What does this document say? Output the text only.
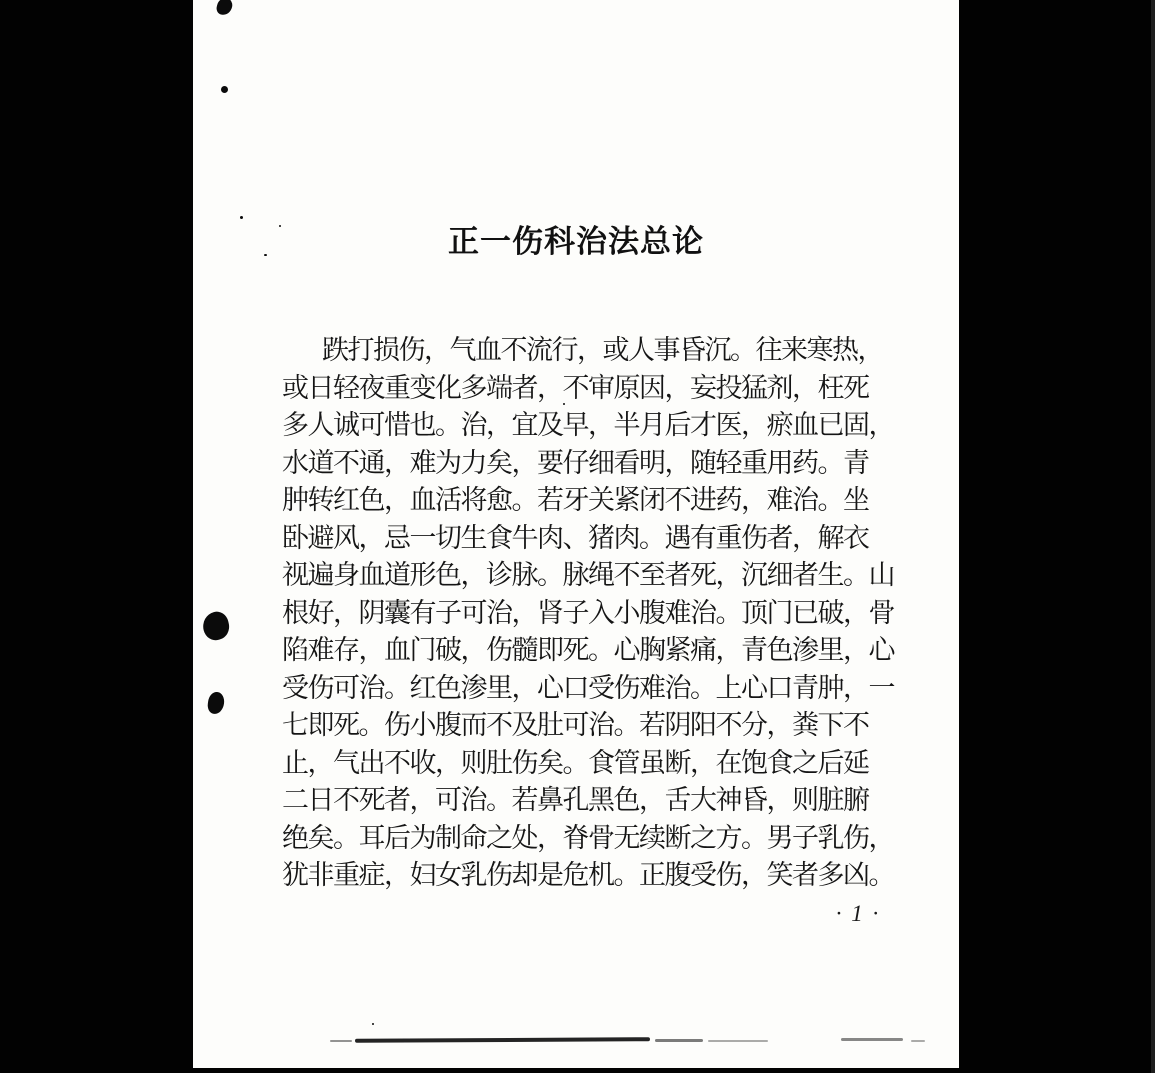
正一伤科治法总论
跌打损伤，气血不流行，或人事昏沉。往来寒热，
或日轻夜重变化多端者，不审原因，妄投猛剂，枉死
多人诚可惜也。治，宜及早，半月后才医，瘀血已固，
水道不通，难为力矣，要仔细看明，随轻重用药。青
肿转红色，血活将愈。若牙关紧闭不进药，难治。坐
卧避风，忌一切生食牛肉、猪肉。遇有重伤者，解衣
视遍身血道形色，诊脉。脉绳不至者死，沉细者生。山
根好，阴囊有子可治，肾子入小腹难治。顶门已破，骨
陷难存，血门破，伤髓即死。心胸紧痛，青色渗里，心
受伤可治。红色渗里，心口受伤难治。上心口青肿，一
七即死。伤小腹而不及肚可治。若阴阳不分，粪下不
止，气出不收，则肚伤矣。食管虽断，在饱食之后延
二日不死者，可治。若鼻孔黑色，舌大神昏，则脏腑
绝矣。耳后为制命之处，脊骨无续断之方。男子乳伤，
犹非重症，妇女乳伤却是危机。正腹受伤，笑者多凶。
· 1 ·
